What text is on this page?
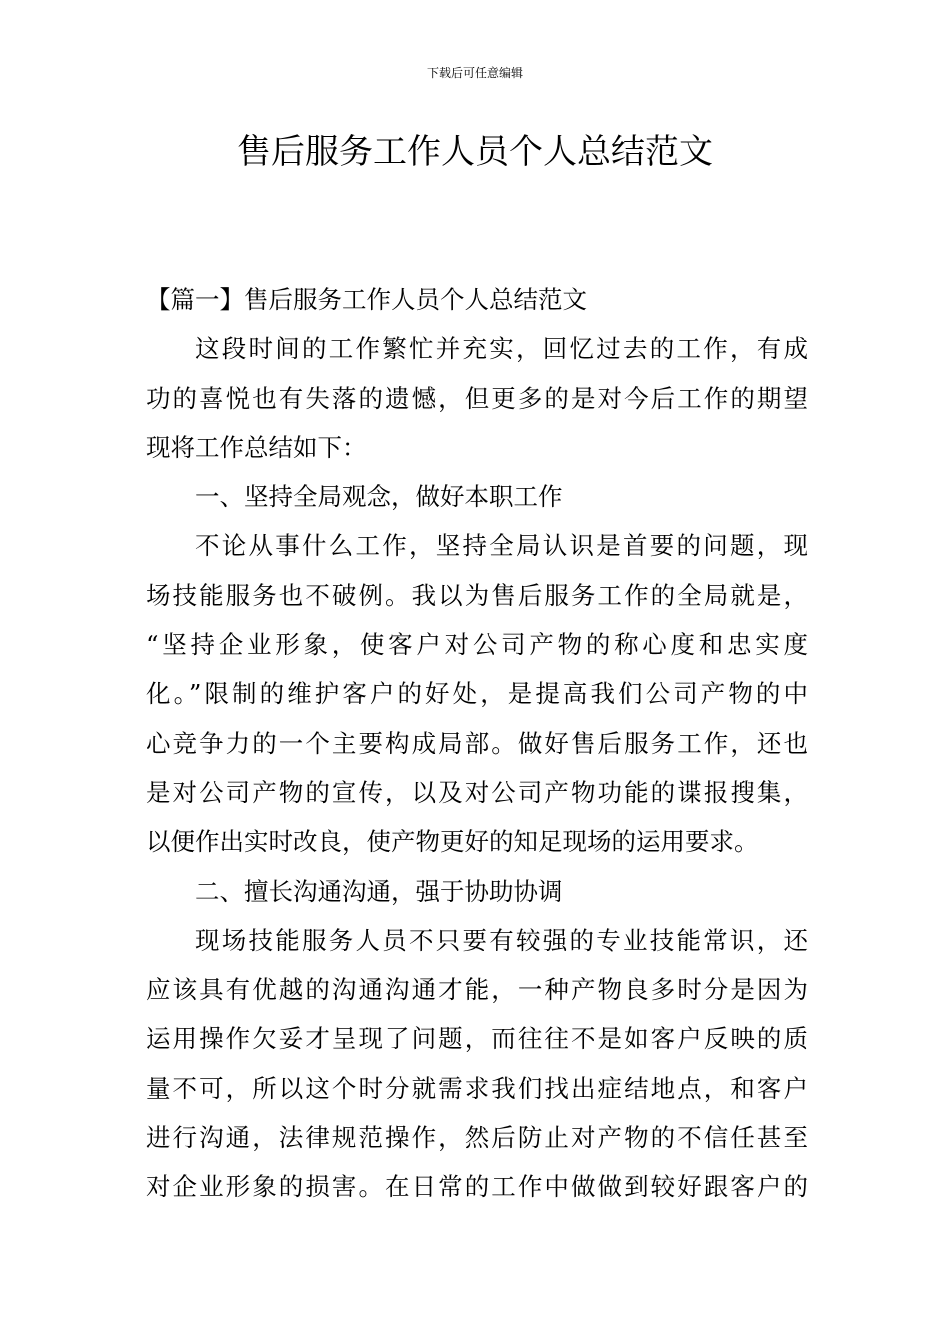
下载后可任意编辑
售后服务工作人员个人总结范文
【篇一】售后服务工作人员个人总结范文
这段时间的工作繁忙并充实，回忆过去的工作，有成
功的喜悦也有失落的遗憾，但更多的是对今后工作的期望
现将工作总结如下：
一、坚持全局观念，做好本职工作
不论从事什么工作，坚持全局认识是首要的问题，现
场技能服务也不破例。我以为售后服务工作的全局就是，
“坚持企业形象，使客户对公司产物的称心度和忠实度
化。”限制的维护客户的好处，是提高我们公司产物的中
心竞争力的一个主要构成局部。做好售后服务工作，还也
是对公司产物的宣传，以及对公司产物功能的谍报搜集，
以便作出实时改良，使产物更好的知足现场的运用要求。
二、擅长沟通沟通，强于协助协调
现场技能服务人员不只要有较强的专业技能常识，还
应该具有优越的沟通沟通才能，一种产物良多时分是因为
运用操作欠妥才呈现了问题，而往往不是如客户反映的质
量不可，所以这个时分就需求我们找出症结地点，和客户
进行沟通，法律规范操作，然后防止对产物的不信任甚至
对企业形象的损害。在日常的工作中做做到较好跟客户的
